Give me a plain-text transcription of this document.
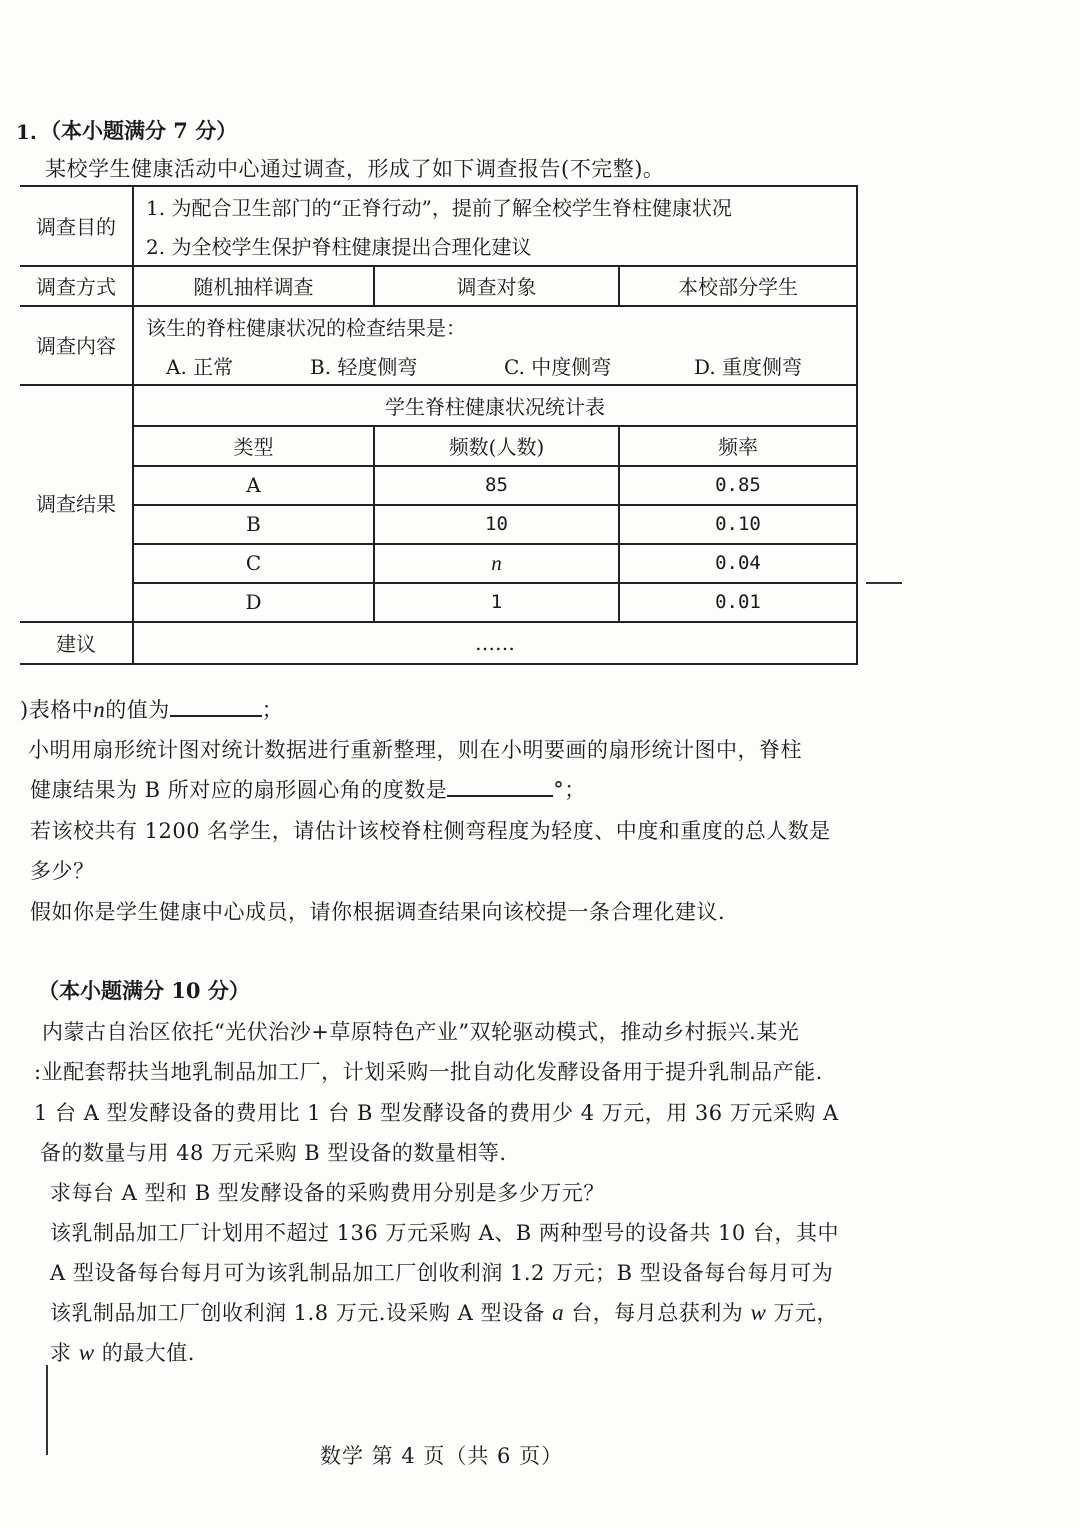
1. （本小题满分 7 分）
某校学生健康活动中心通过调查，形成了如下调查报告(不完整)。
调查目的
1. 为配合卫生部门的“正脊行动”，提前了解全校学生脊柱健康状况
2. 为全校学生保护脊柱健康提出合理化建议
调查方式	随机抽样调查	调查对象	本校部分学生
调查内容
该生的脊柱健康状况的检查结果是：
A. 正常	B. 轻度侧弯	C. 中度侧弯	D. 重度侧弯
调查结果
学生脊柱健康状况统计表
类型	频数(人数)	频率
A	85	0.85
B	10	0.10
C	n	0.04
D	1	0.01
建议	……
)表格中n的值为	；
小明用扇形统计图对统计数据进行重新整理，则在小明要画的扇形统计图中，脊柱
健康结果为 B 所对应的扇形圆心角的度数是	°；
若该校共有 1200 名学生，请估计该校脊柱侧弯程度为轻度、中度和重度的总人数是
多少？
假如你是学生健康中心成员，请你根据调查结果向该校提一条合理化建议.
（本小题满分 10 分）
内蒙古自治区依托“光伏治沙+草原特色产业”双轮驱动模式，推动乡村振兴.某光
:业配套帮扶当地乳制品加工厂，计划采购一批自动化发酵设备用于提升乳制品产能.
1 台 A 型发酵设备的费用比 1 台 B 型发酵设备的费用少 4 万元，用 36 万元采购 A
备的数量与用 48 万元采购 B 型设备的数量相等.
求每台 A 型和 B 型发酵设备的采购费用分别是多少万元？
该乳制品加工厂计划用不超过 136 万元采购 A、B 两种型号的设备共 10 台，其中
A 型设备每台每月可为该乳制品加工厂创收利润 1.2 万元；B 型设备每台每月可为
该乳制品加工厂创收利润 1.8 万元.设采购 A 型设备 a 台，每月总获利为 w 万元，
求 w 的最大值.
数学 第 4 页（共 6 页）
